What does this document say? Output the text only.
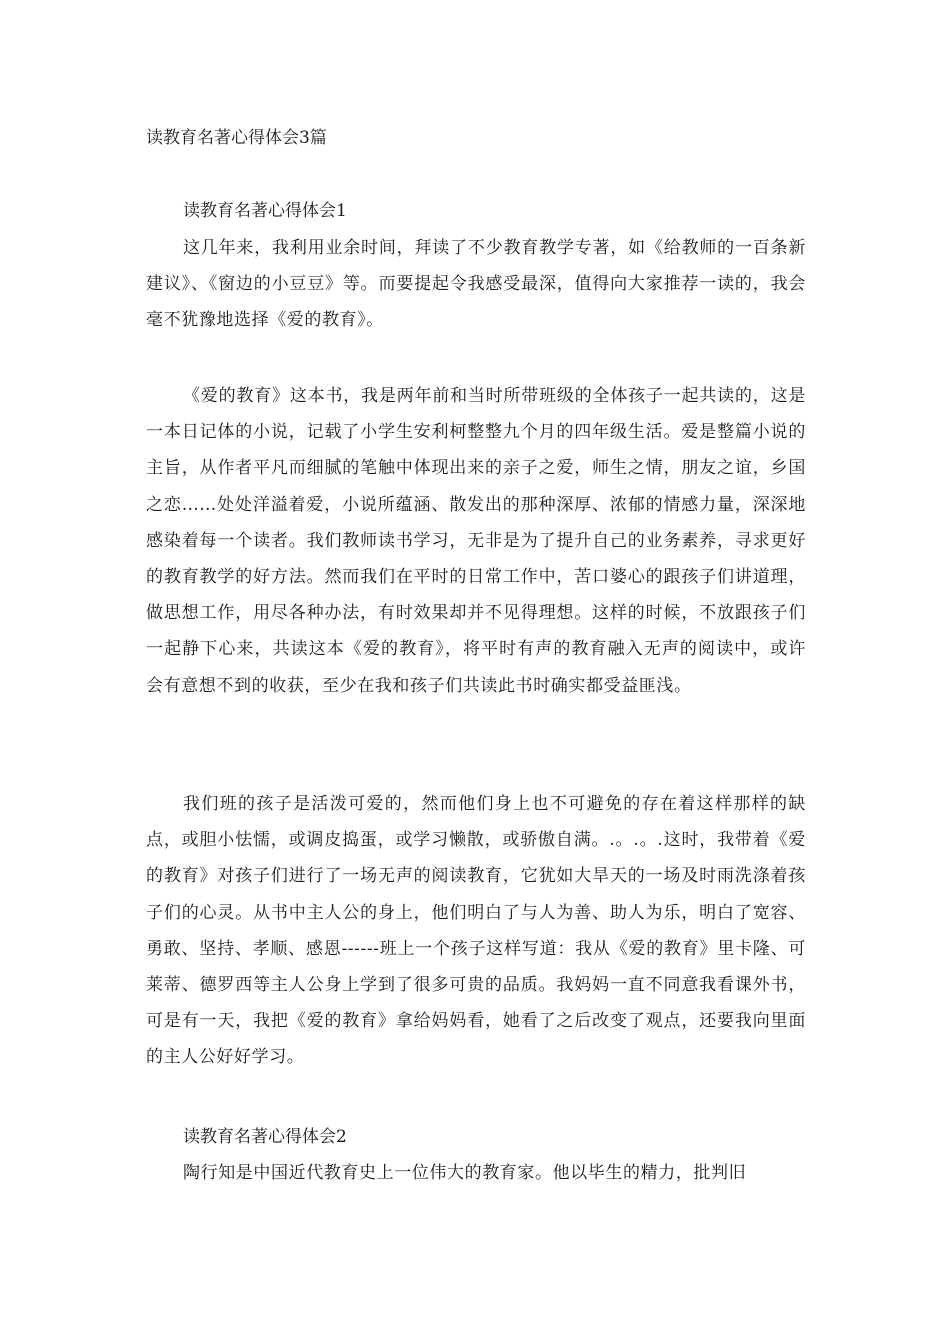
读教育名著心得体会3篇
读教育名著心得体会1

这几年来，我利用业余时间，拜读了不少教育教学专著，如《给教师的一百条新建议》、《窗边的小豆豆》等。而要提起令我感受最深，值得向大家推荐一读的，我会毫不犹豫地选择《爱的教育》。

《爱的教育》这本书，我是两年前和当时所带班级的全体孩子一起共读的，这是一本日记体的小说，记载了小学生安利柯整整九个月的四年级生活。爱是整篇小说的主旨，从作者平凡而细腻的笔触中体现出来的亲子之爱，师生之情，朋友之谊，乡国之恋……处处洋溢着爱，小说所蕴涵、散发出的那种深厚、浓郁的情感力量，深深地感染着每一个读者。我们教师读书学习，无非是为了提升自己的业务素养，寻求更好的教育教学的好方法。然而我们在平时的日常工作中，苦口婆心的跟孩子们讲道理，做思想工作，用尽各种办法，有时效果却并不见得理想。这样的时候，不放跟孩子们一起静下心来，共读这本《爱的教育》，将平时有声的教育融入无声的阅读中，或许会有意想不到的收获，至少在我和孩子们共读此书时确实都受益匪浅。

我们班的孩子是活泼可爱的，然而他们身上也不可避免的存在着这样那样的缺点，或胆小怯懦，或调皮捣蛋，或学习懒散，或骄傲自满。.。.。.这时，我带着《爱的教育》对孩子们进行了一场无声的阅读教育，它犹如大旱天的一场及时雨洗涤着孩子们的心灵。从书中主人公的身上，他们明白了与人为善、助人为乐，明白了宽容、勇敢、坚持、孝顺、感恩------班上一个孩子这样写道：我从《爱的教育》里卡隆、可莱蒂、德罗西等主人公身上学到了很多可贵的品质。我妈妈一直不同意我看课外书，可是有一天，我把《爱的教育》拿给妈妈看，她看了之后改变了观点，还要我向里面的主人公好好学习。

读教育名著心得体会2

陶行知是中国近代教育史上一位伟大的教育家。他以毕生的精力，批判旧
